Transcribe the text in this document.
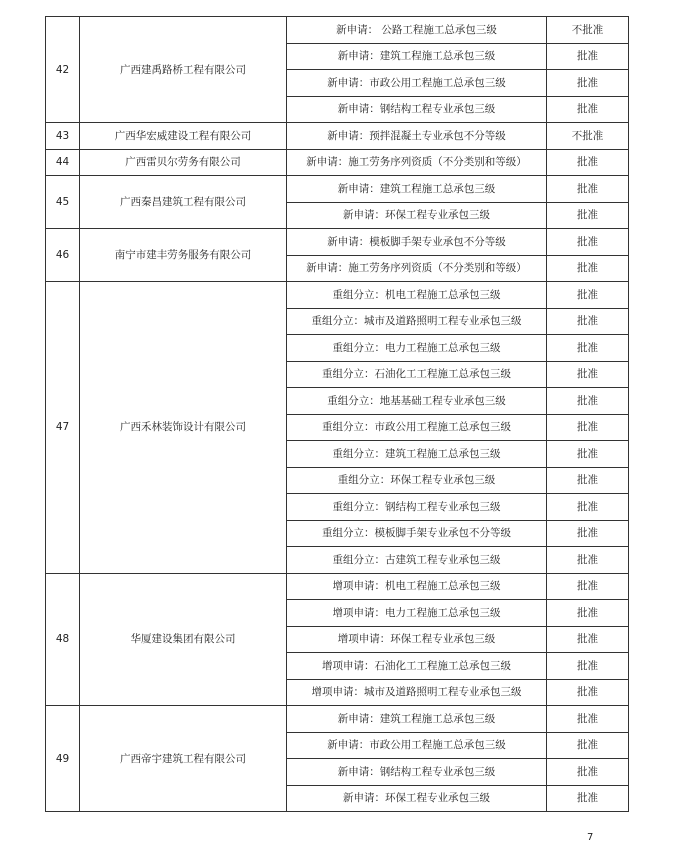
42	广西建禹路桥工程有限公司	新申请： 公路工程施工总承包三级	不批准
		新申请：建筑工程施工总承包三级	批准
		新申请：市政公用工程施工总承包三级	批准
		新申请：钢结构工程专业承包三级	批准
43	广西华宏威建设工程有限公司	新申请：预拌混凝土专业承包不分等级	不批准
44	广西雷贝尔劳务有限公司	新申请：施工劳务序列资质（不分类别和等级）	批准
45	广西秦昌建筑工程有限公司	新申请：建筑工程施工总承包三级	批准
		新申请：环保工程专业承包三级	批准
46	南宁市建丰劳务服务有限公司	新申请：模板脚手架专业承包不分等级	批准
		新申请：施工劳务序列资质（不分类别和等级）	批准
47	广西禾林装饰设计有限公司	重组分立：机电工程施工总承包三级	批准
		重组分立：城市及道路照明工程专业承包三级	批准
		重组分立：电力工程施工总承包三级	批准
		重组分立：石油化工工程施工总承包三级	批准
		重组分立：地基基础工程专业承包三级	批准
		重组分立：市政公用工程施工总承包三级	批准
		重组分立：建筑工程施工总承包三级	批准
		重组分立：环保工程专业承包三级	批准
		重组分立：钢结构工程专业承包三级	批准
		重组分立：模板脚手架专业承包不分等级	批准
		重组分立：古建筑工程专业承包三级	批准
48	华厦建设集团有限公司	增项申请：机电工程施工总承包三级	批准
		增项申请：电力工程施工总承包三级	批准
		增项申请：环保工程专业承包三级	批准
		增项申请：石油化工工程施工总承包三级	批准
		增项申请：城市及道路照明工程专业承包三级	批准
49	广西帝宇建筑工程有限公司	新申请：建筑工程施工总承包三级	批准
		新申请：市政公用工程施工总承包三级	批准
		新申请：钢结构工程专业承包三级	批准
		新申请：环保工程专业承包三级	批准
7
